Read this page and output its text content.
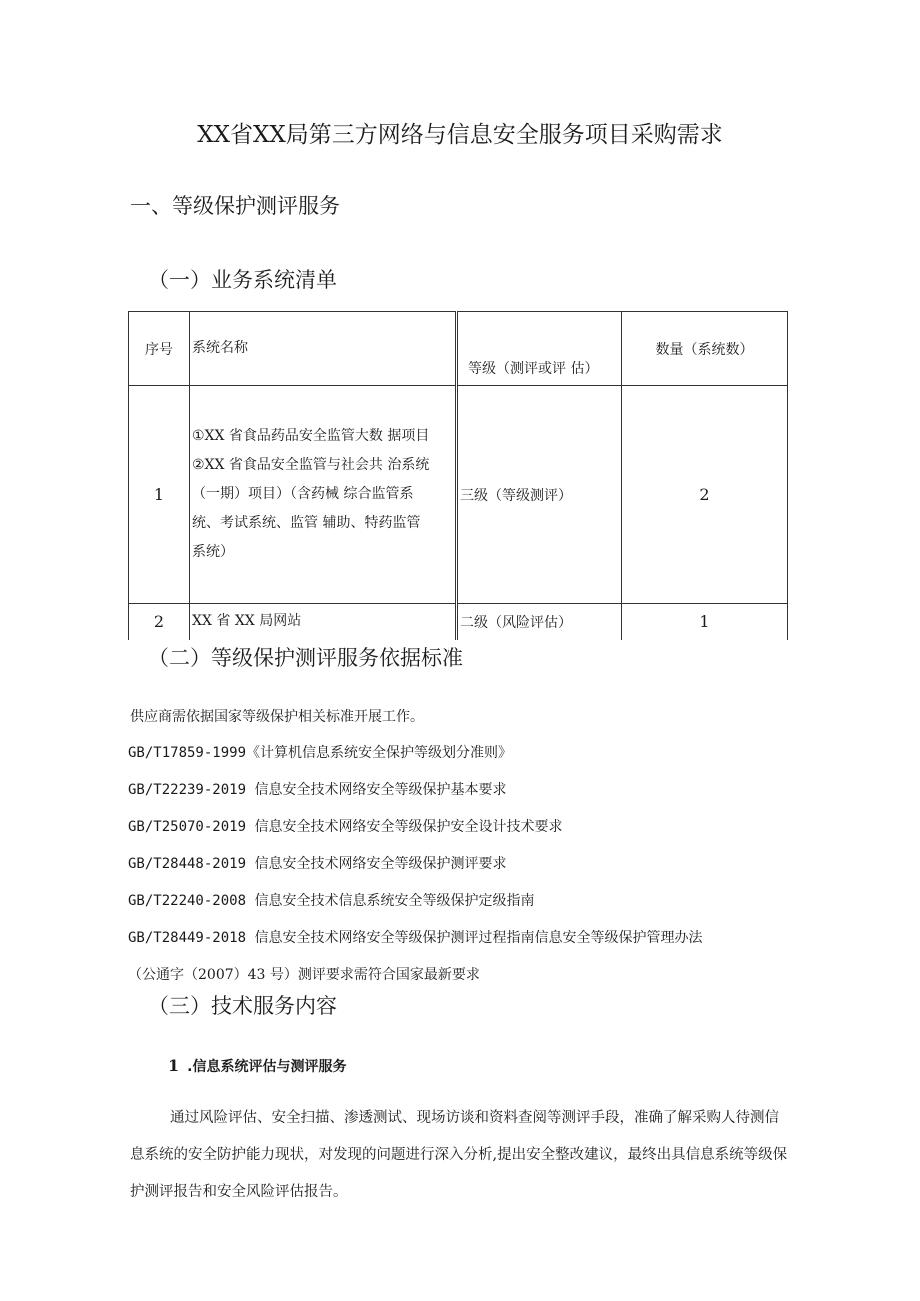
XX省XX局第三方网络与信息安全服务项目采购需求
一、等级保护测评服务
（一）业务系统清单
序号	系统名称	等级（测评或评 估）	数量（系统数）
1	①XX 省食品药品安全监管大数 据项目
②XX 省食品安全监管与社会共 治系统
（一期）项目）（含药械 综合监管系
统、考试系统、监管 辅助、特药监管
系统）	三级（等级测评）	2
2	XX 省 XX 局网站	二级（风险评估）	1
（二）等级保护测评服务依据标准
供应商需依据国家等级保护相关标准开展工作。
GB/T17859-1999《计算机信息系统安全保护等级划分准则》
GB/T22239-2019 信息安全技术网络安全等级保护基本要求
GB/T25070-2019 信息安全技术网络安全等级保护安全设计技术要求
GB/T28448-2019 信息安全技术网络安全等级保护测评要求
GB/T22240-2008 信息安全技术信息系统安全等级保护定级指南
GB/T28449-2018 信息安全技术网络安全等级保护测评过程指南信息安全等级保护管理办法
（公通字（2007）43 号）测评要求需符合国家最新要求
（三）技术服务内容
1 .信息系统评估与测评服务
通过风险评估、安全扫描、渗透测试、现场访谈和资料查阅等测评手段，准确了解采购人待测信息系统的安全防护能力现状，对发现的问题进行深入分析,提出安全整改建议，最终出具信息系统等级保护测评报告和安全风险评估报告。
